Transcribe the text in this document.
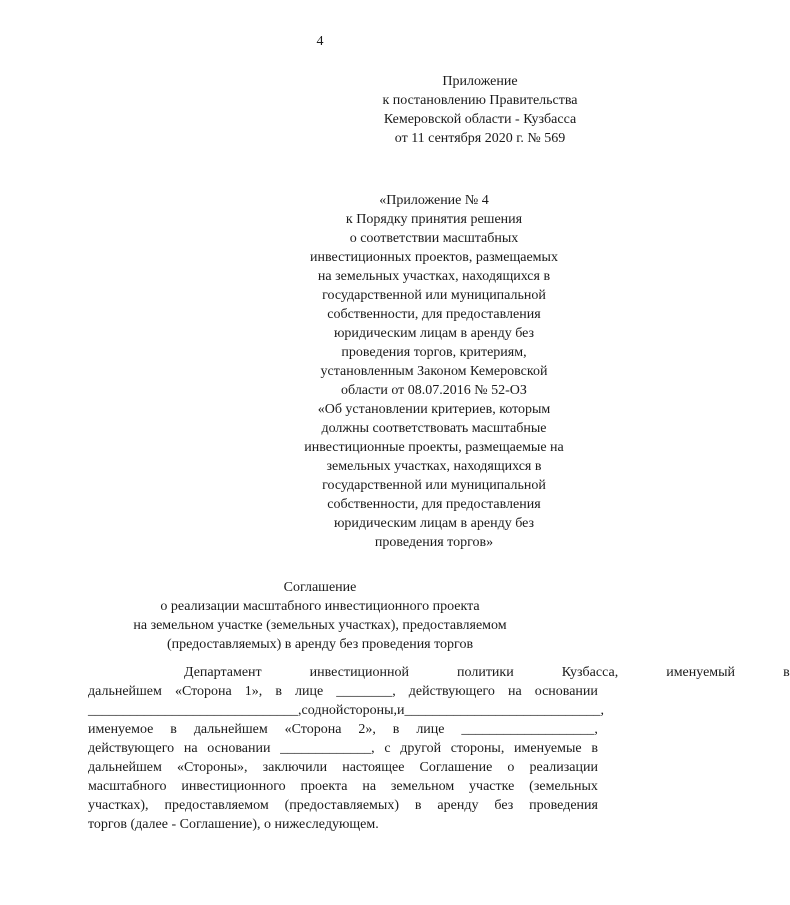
4
Приложение
к постановлению Правительства
Кемеровской области - Кузбасса
от 11 сентября 2020 г. № 569
«Приложение № 4
к Порядку принятия решения
о соответствии масштабных
инвестиционных проектов, размещаемых
на земельных участках, находящихся в
государственной или муниципальной
собственности, для предоставления
юридическим лицам в аренду без
проведения торгов, критериям,
установленным Законом Кемеровской
области от 08.07.2016 № 52-ОЗ
«Об установлении критериев, которым
должны соответствовать масштабные
инвестиционные проекты, размещаемые на
земельных участках, находящихся в
государственной или муниципальной
собственности, для предоставления
юридическим лицам в аренду без
проведения торгов»
Соглашение
о реализации масштабного инвестиционного проекта
на земельном участке (земельных участках), предоставляемом
(предоставляемых) в аренду без проведения торгов
Департамент	инвестиционной	политики	Кузбасса,	именуемый	в
дальнейшем «Сторона 1», в лице ________, действующего на основании
______________________________, с одной стороны, и ____________________________,
именуемое в дальнейшем «Сторона 2», в лице ___________________,
действующего на основании _____________, с другой стороны, именуемые в
дальнейшем «Стороны», заключили настоящее Соглашение о реализации
масштабного инвестиционного проекта на земельном участке (земельных
участках), предоставляемом (предоставляемых) в аренду без проведения
торгов (далее - Соглашение), о нижеследующем.
